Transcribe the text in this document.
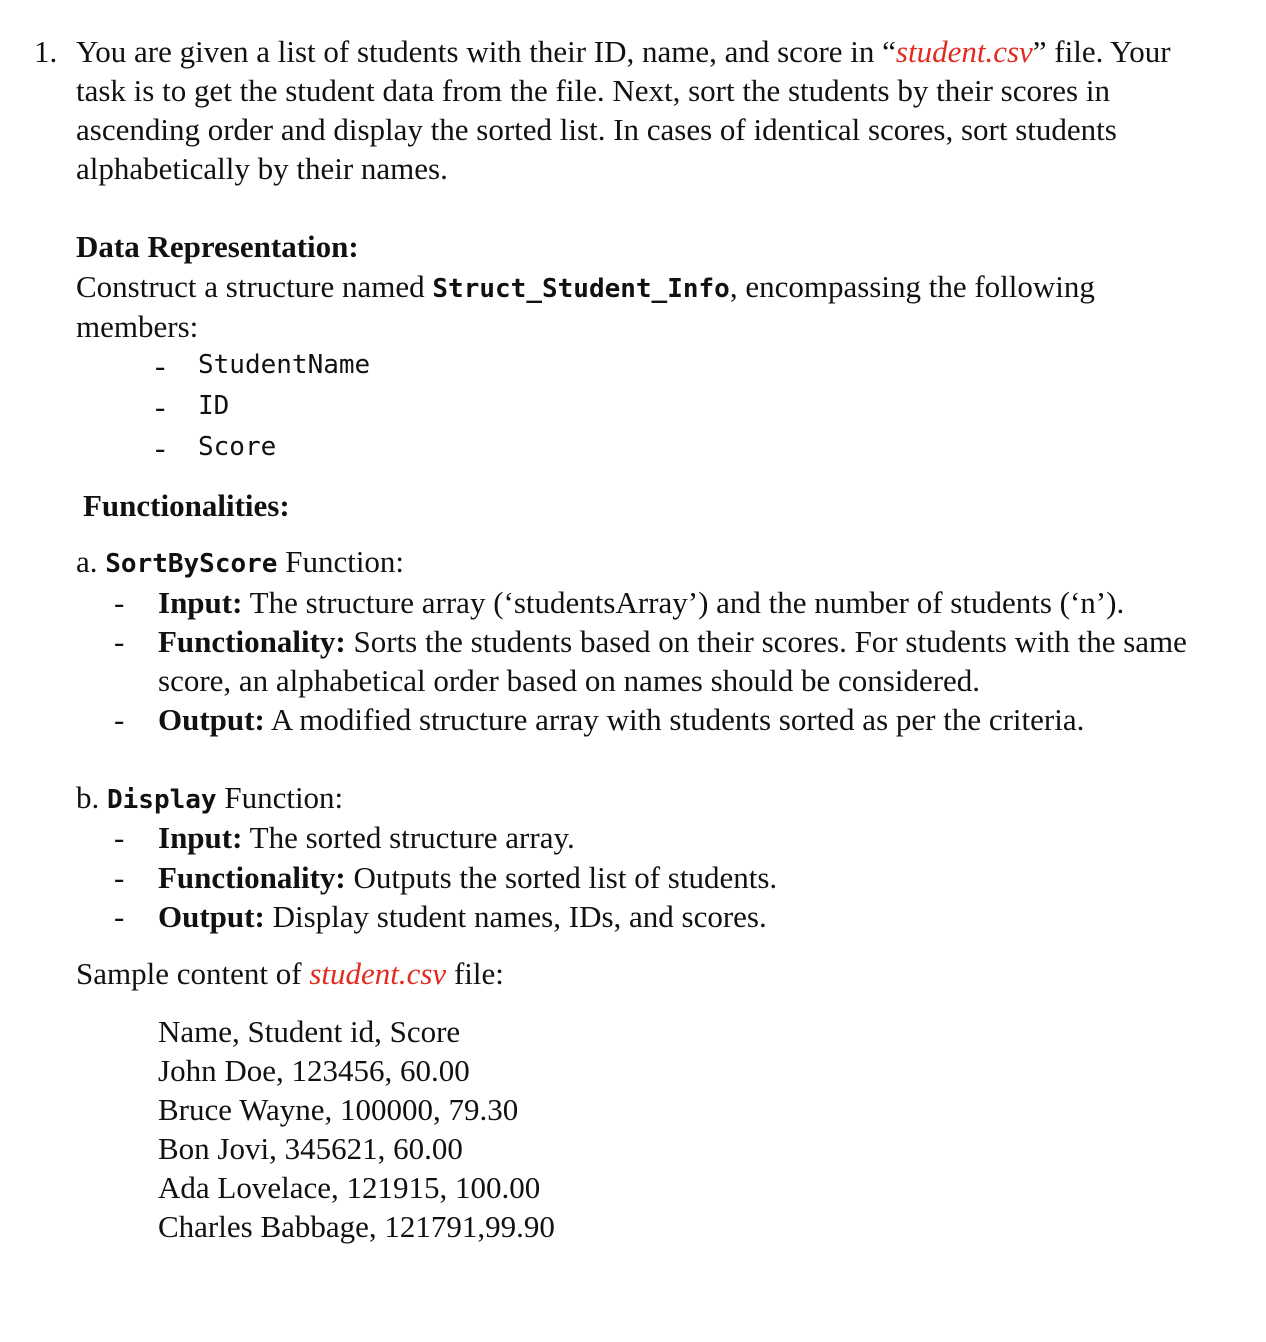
1. You are given a list of students with their ID, name, and score in “student.csv” file. Your
task is to get the student data from the file. Next, sort the students by their scores in
ascending order and display the sorted list. In cases of identical scores, sort students
alphabetically by their names.
Data Representation:
Construct a structure named Struct_Student_Info, encompassing the following
members:
- StudentName
- ID
- Score
Functionalities:
a. SortByScore Function:
- Input: The structure array (‘studentsArray’) and the number of students (‘n’).
- Functionality: Sorts the students based on their scores. For students with the same
score, an alphabetical order based on names should be considered.
- Output: A modified structure array with students sorted as per the criteria.
b. Display Function:
- Input: The sorted structure array.
- Functionality: Outputs the sorted list of students.
- Output: Display student names, IDs, and scores.
Sample content of student.csv file:
Name, Student id, Score
John Doe, 123456, 60.00
Bruce Wayne, 100000, 79.30
Bon Jovi, 345621, 60.00
Ada Lovelace, 121915, 100.00
Charles Babbage, 121791,99.90
